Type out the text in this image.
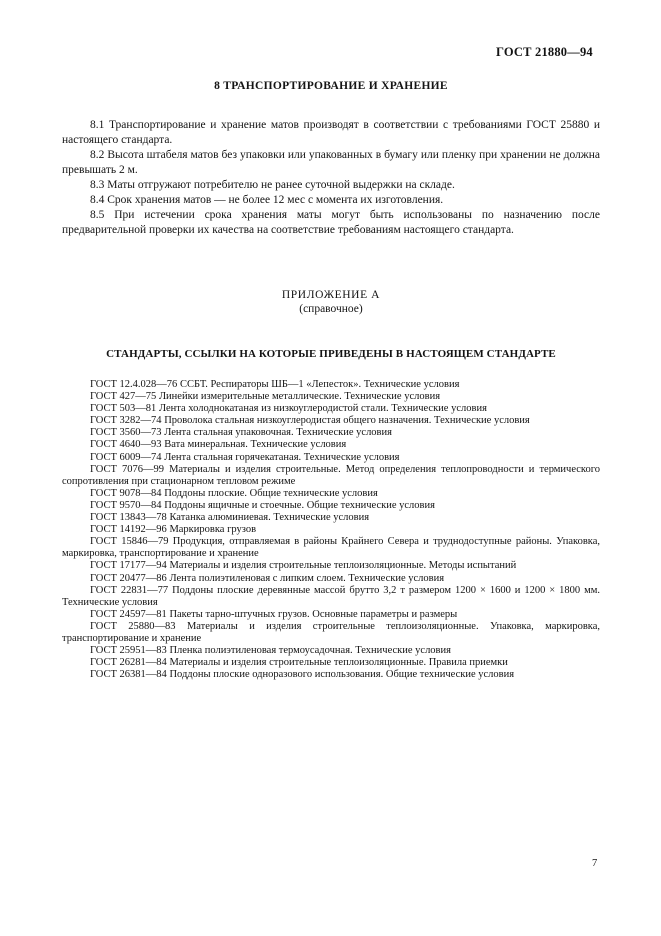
ГОСТ 21880—94
8 ТРАНСПОРТИРОВАНИЕ И ХРАНЕНИЕ

8.1 Транспортирование и хранение матов производят в соответствии с требованиями ГОСТ 25880 и настоящего стандарта.

8.2 Высота штабеля матов без упаковки или упакованных в бумагу или пленку при хранении не должна превышать 2 м.

8.3 Маты отгружают потребителю не ранее суточной выдержки на складе.

8.4 Срок хранения матов — не более 12 мес с момента их изготовления.

8.5 При истечении срока хранения маты могут быть использованы по назначению после предварительной проверки их качества на соответствие требованиям настоящего стандарта.

ПРИЛОЖЕНИЕ А
(справочное)
СТАНДАРТЫ, ССЫЛКИ НА КОТОРЫЕ ПРИВЕДЕНЫ В НАСТОЯЩЕМ СТАНДАРТЕ

ГОСТ 12.4.028—76 ССБТ. Респираторы ШБ—1 «Лепесток». Технические условия

ГОСТ 427—75 Линейки измерительные металлические. Технические условия

ГОСТ 503—81 Лента холоднокатаная из низкоуглеродистой стали. Технические условия

ГОСТ 3282—74 Проволока стальная низкоуглеродистая общего назначения. Технические условия

ГОСТ 3560—73 Лента стальная упаковочная. Технические условия

ГОСТ 4640—93 Вата минеральная. Технические условия

ГОСТ 6009—74 Лента стальная горячекатаная. Технические условия

ГОСТ 7076—99 Материалы и изделия строительные. Метод определения теплопроводности и термического сопротивления при стационарном тепловом режиме

ГОСТ 9078—84 Поддоны плоские. Общие технические условия

ГОСТ 9570—84 Поддоны ящичные и стоечные. Общие технические условия

ГОСТ 13843—78 Катанка алюминиевая. Технические условия

ГОСТ 14192—96 Маркировка грузов

ГОСТ 15846—79 Продукция, отправляемая в районы Крайнего Севера и труднодоступные районы. Упаковка, маркировка, транспортирование и хранение

ГОСТ 17177—94 Материалы и изделия строительные теплоизоляционные. Методы испытаний

ГОСТ 20477—86 Лента полиэтиленовая с липким слоем. Технические условия

ГОСТ 22831—77 Поддоны плоские деревянные массой брутто 3,2 т размером 1200 × 1600 и 1200 × 1800 мм. Технические условия

ГОСТ 24597—81 Пакеты тарно-штучных грузов. Основные параметры и размеры

ГОСТ 25880—83 Материалы и изделия строительные теплоизоляционные. Упаковка, маркировка, транспортирование и хранение

ГОСТ 25951—83 Пленка полиэтиленовая термоусадочная. Технические условия

ГОСТ 26281—84 Материалы и изделия строительные теплоизоляционные. Правила приемки

ГОСТ 26381—84 Поддоны плоские одноразового использования. Общие технические условия

7
